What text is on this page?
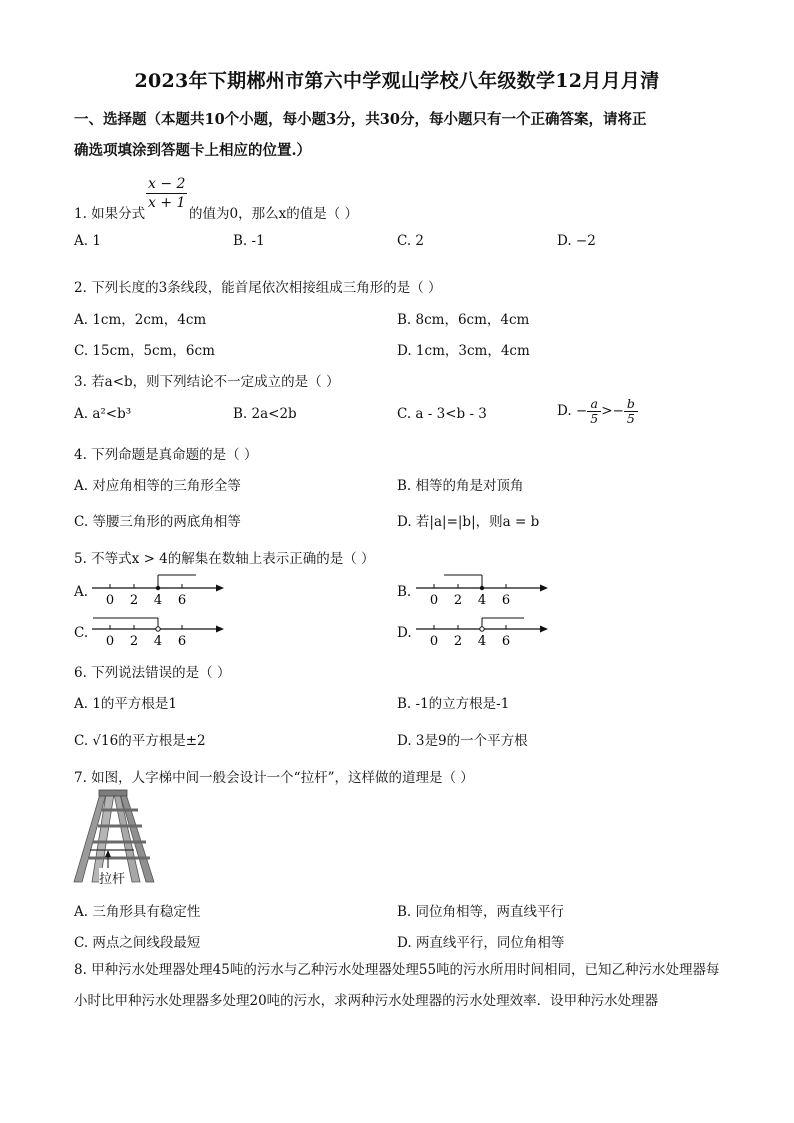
2023年下期郴州市第六中学观山学校八年级数学12月月月清
一、选择题（本题共10个小题，每小题3分，共30分，每小题只有一个正确答案，请将正
确选项填涂到答题卡上相应的位置.）
$\frac{x - 2}{x + 1}$
1. 如果分式	的值为0，那么x的值是（ ）
A. 1	B. -1	C. 2	D. −2
2. 下列长度的3条线段，能首尾依次相接组成三角形的是（ ）
A. 1cm，2cm，4cm	B. 8cm，6cm，4cm
C. 15cm，5cm，6cm	D. 1cm，3cm，4cm
3. 若a<b，则下列结论不一定成立的是（ ）
A. a²<b³	B. 2a<2b	C. a - 3<b - 3	D. − $\frac{a}{5} >- \frac{b}{5}$
4. 下列命题是真命题的是（ ）
A. 对应角相等的三角形全等	B. 相等的角是对顶角
C. 等腰三角形的两底角相等	D. 若|a|=|b|，则a = b
5. 不等式x > 4的解集在数轴上表示正确的是（ ）
A.
0 2 4 6
B.
0 2 4 6
C.
0 2 4 6
D.
0 2 4 6
6. 下列说法错误的是（ ）
A. 1的平方根是1	B. -1的立方根是-1
C. √16的平方根是±2	D. 3是9的一个平方根
7. 如图，人字梯中间一般会设计一个“拉杆”，这样做的道理是（ ）
拉杆
A. 三角形具有稳定性	B. 同位角相等，两直线平行
C. 两点之间线段最短	D. 两直线平行，同位角相等
8. 甲种污水处理器处理45吨的污水与乙种污水处理器处理55吨的污水所用时间相同，已知乙种污水处理器每小时比甲种污水处理器多处理20吨的污水，求两种污水处理器的污水处理效率．设甲种污水处理器
